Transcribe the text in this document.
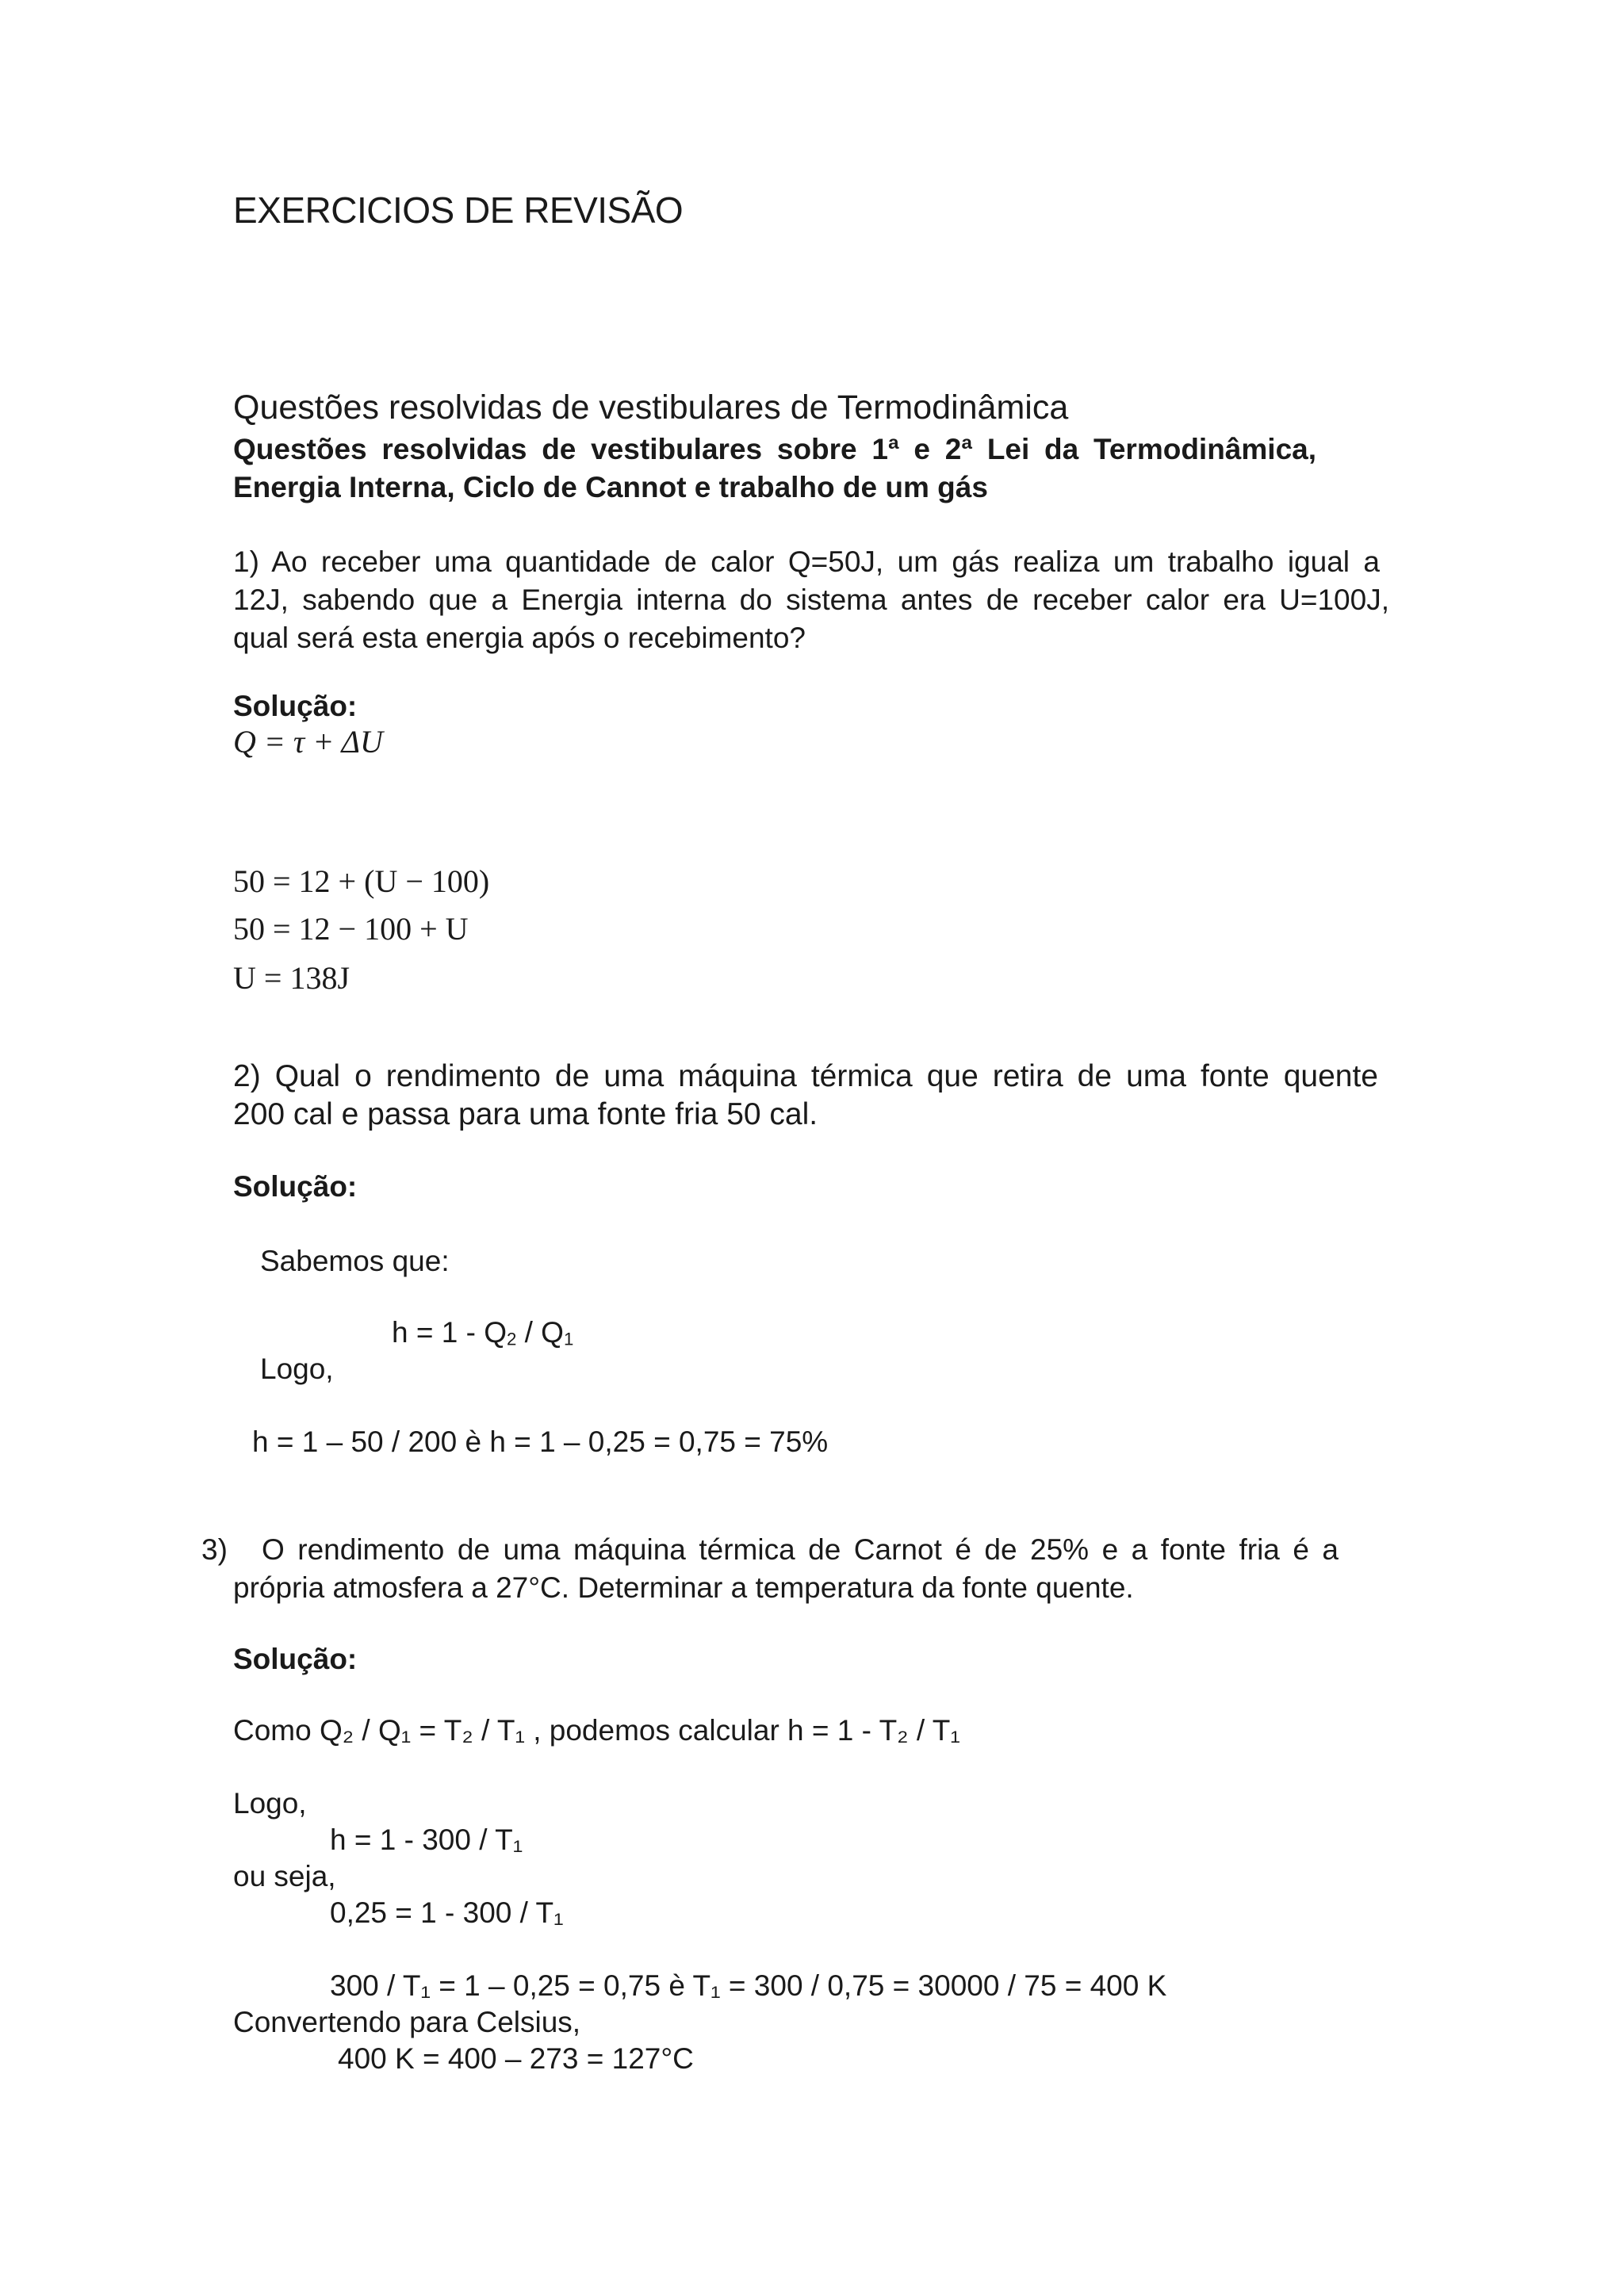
EXERCICIOS DE REVISÃO
Questões resolvidas de vestibulares de Termodinâmica
Questões resolvidas de vestibulares sobre 1ª e 2ª Lei da Termodinâmica,
Energia Interna, Ciclo de Cannot e trabalho de um gás
1) Ao receber uma quantidade de calor Q=50J, um gás realiza um trabalho igual a
12J, sabendo que a Energia interna do sistema antes de receber calor era U=100J,
qual será esta energia após o recebimento?
Solução:
Q = τ + ΔU
50 = 12 + (U − 100)
50 = 12 − 100 + U
U = 138J
2) Qual o rendimento de uma máquina térmica que retira de uma fonte quente
200 cal e passa para uma fonte fria 50 cal.
Solução:
Sabemos que:
$h = 1 - Q_2 / Q_1$
Logo,
h = 1 – 50 / 200 è h = 1 – 0,25 = 0,75 = 75%
3) O rendimento de uma máquina térmica de Carnot é de 25% e a fonte fria é a
própria atmosfera a 27°C. Determinar a temperatura da fonte quente.
Solução:
Como Q₂ / Q₁ = T₂ / T₁ , podemos calcular h = 1 - T₂ / T₁
Logo,
h = 1 - 300 / T₁
ou seja,
0,25 = 1 - 300 / T₁
300 / T₁ = 1 – 0,25 = 0,75 è T₁ = 300 / 0,75 = 30000 / 75 = 400 K
Convertendo para Celsius,
400 K = 400 – 273 = 127°C
